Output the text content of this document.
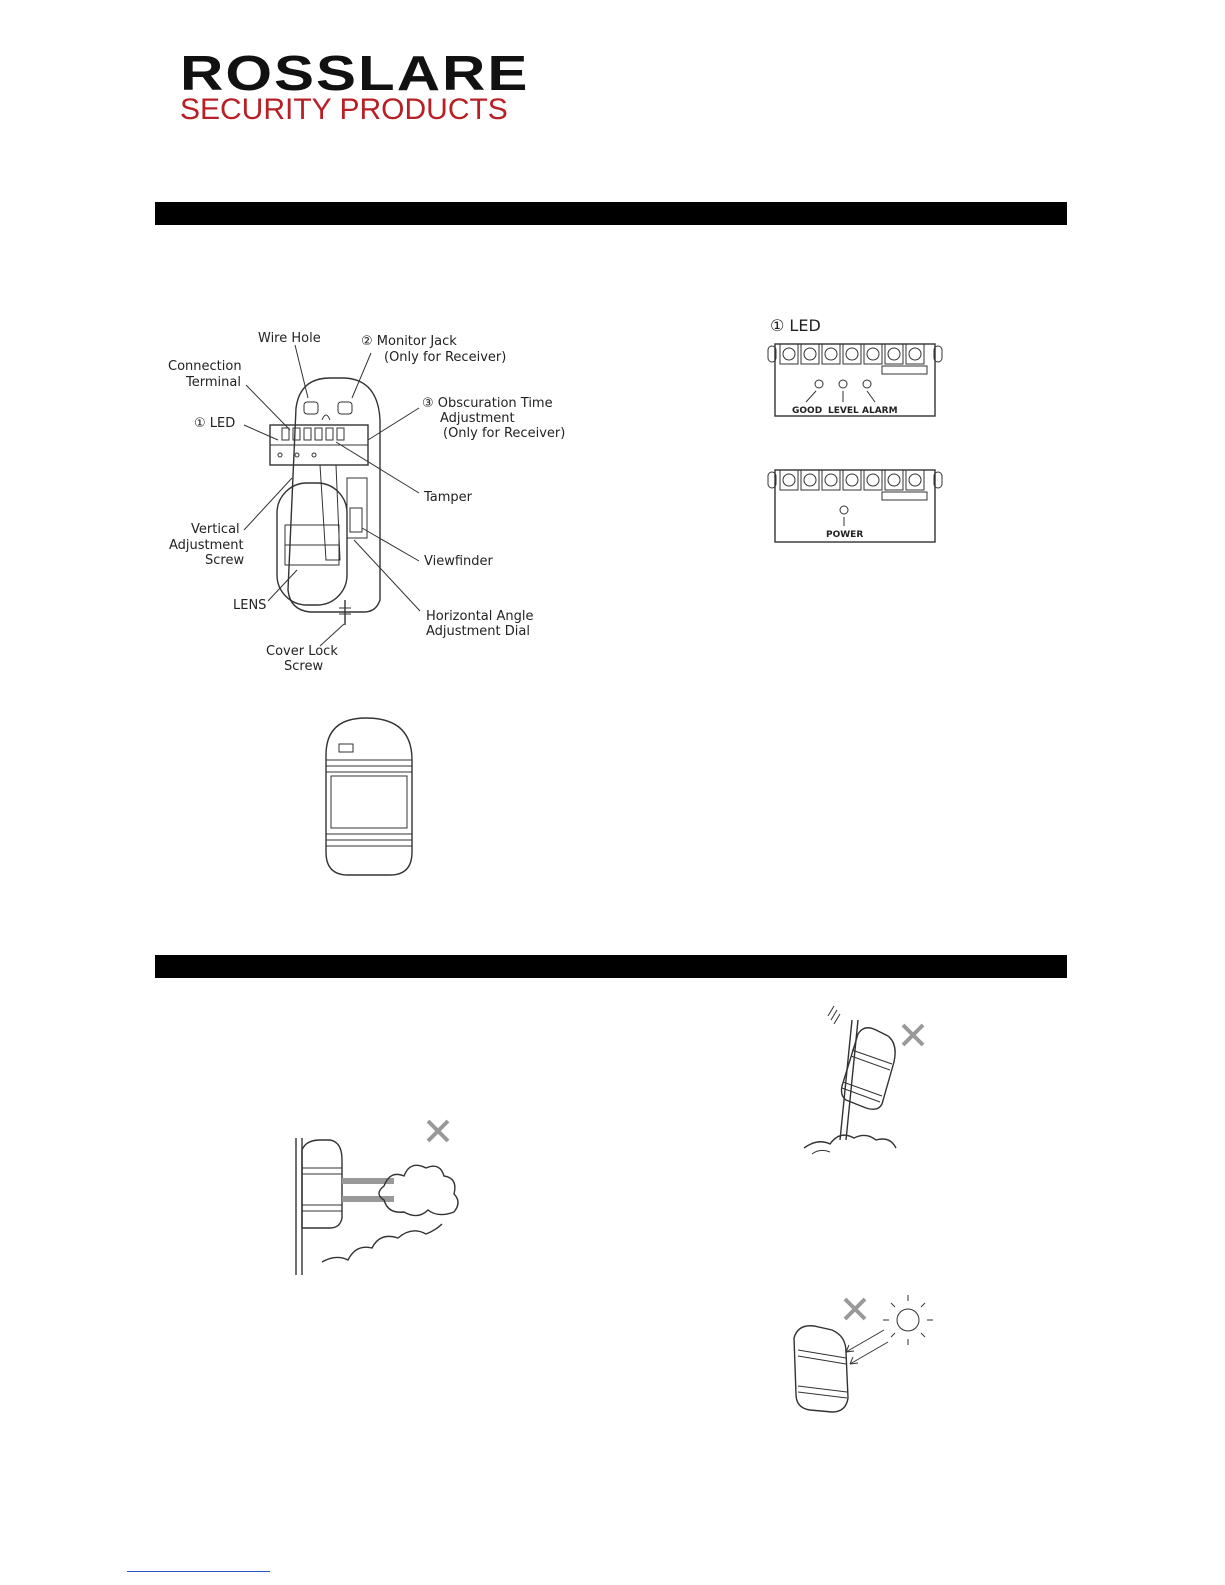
ROSSLARE
SECURITY PRODUCTS
Wire Hole	② Monitor Jack
(Only for Receiver)
Connection
Terminal
③ Obscuration Time
Adjustment
(Only for Receiver)
① LED
Tamper
Vertical
Adjustment
Screw	Viewfinder
LENS
Horizontal Angle
Adjustment Dial
Cover Lock
Screw
① LED
GOOD LEVEL ALARM
POWER
